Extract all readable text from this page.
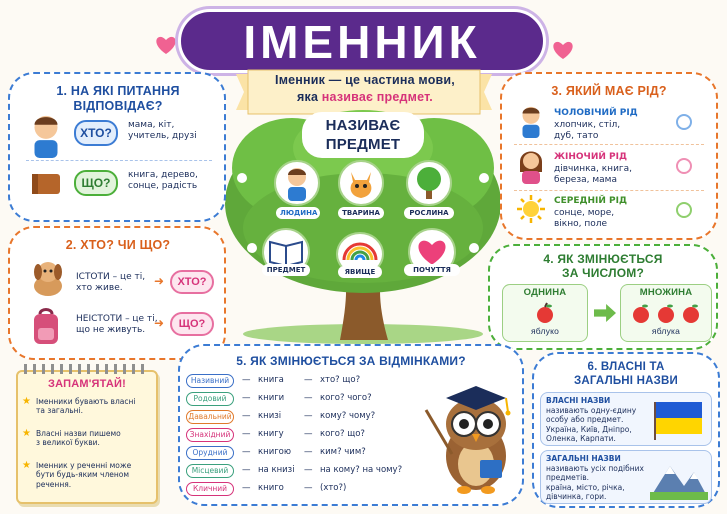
ІМЕННИК
Іменник — це частина мови,
яка називає предмет.
НАЗИВАЄ
ПРЕДМЕТ
ЛЮДИНА	ТВАРИНА	РОСЛИНА
ПРЕДМЕТ	ЯВИЩЕ	ПОЧУТТЯ
1. НА ЯКІ ПИТАННЯ
ВІДПОВІДАЄ?
ХТО?
мама, кіт,
учитель, друзі
ЩО?
книга, дерево,
сонце, радість
2. ХТО? ЧИ ЩО?
ІСТОТИ – це ті,
хто живе.
➜	ХТО?
НЕІСТОТИ – це ті,
що не живуть.
➜	ЩО?
3. ЯКИЙ МАЄ РІД?
ЧОЛОВІЧИЙ РІД
хлопчик, стіл,
дуб, тато
ЖІНОЧИЙ РІД
дівчинка, книга,
береза, мама
СЕРЕДНІЙ РІД
сонце, море,
вікно, поле
4. ЯК ЗМІНЮЄТЬСЯ
ЗА ЧИСЛОМ?
ОДНИНА
яблуко
МНОЖИНА
яблука
5. ЯК ЗМІНЮЄТЬСЯ ЗА ВІДМІНКАМИ?
Називний	— книга — хто? що?
Родовий	— книги — кого? чого?
Давальний — книзі	— кому? чому?
Знахідний	— книгу — кого? що?
Орудний	— книгою — ким? чим?
Місцевий	— на книзі — на кому? на чому?
Кличний	— книго — (хто?)
ЗАПАМ'ЯТАЙ!
★ Іменники бувають власні
та загальні.
★ Власні назви пишемо
з великої букви.
★ Іменник у реченні може
бути будь-яким членом речення.
6. ВЛАСНІ ТА
ЗАГАЛЬНІ НАЗВИ
ВЛАСНІ НАЗВИ
називають одну-єдину
особу або предмет.
Україна, Київ, Дніпро,
Оленка, Карпати.
ЗАГАЛЬНІ НАЗВИ
називають усіх подібних
предметів.
країна, місто, річка,
дівчинка, гори.
